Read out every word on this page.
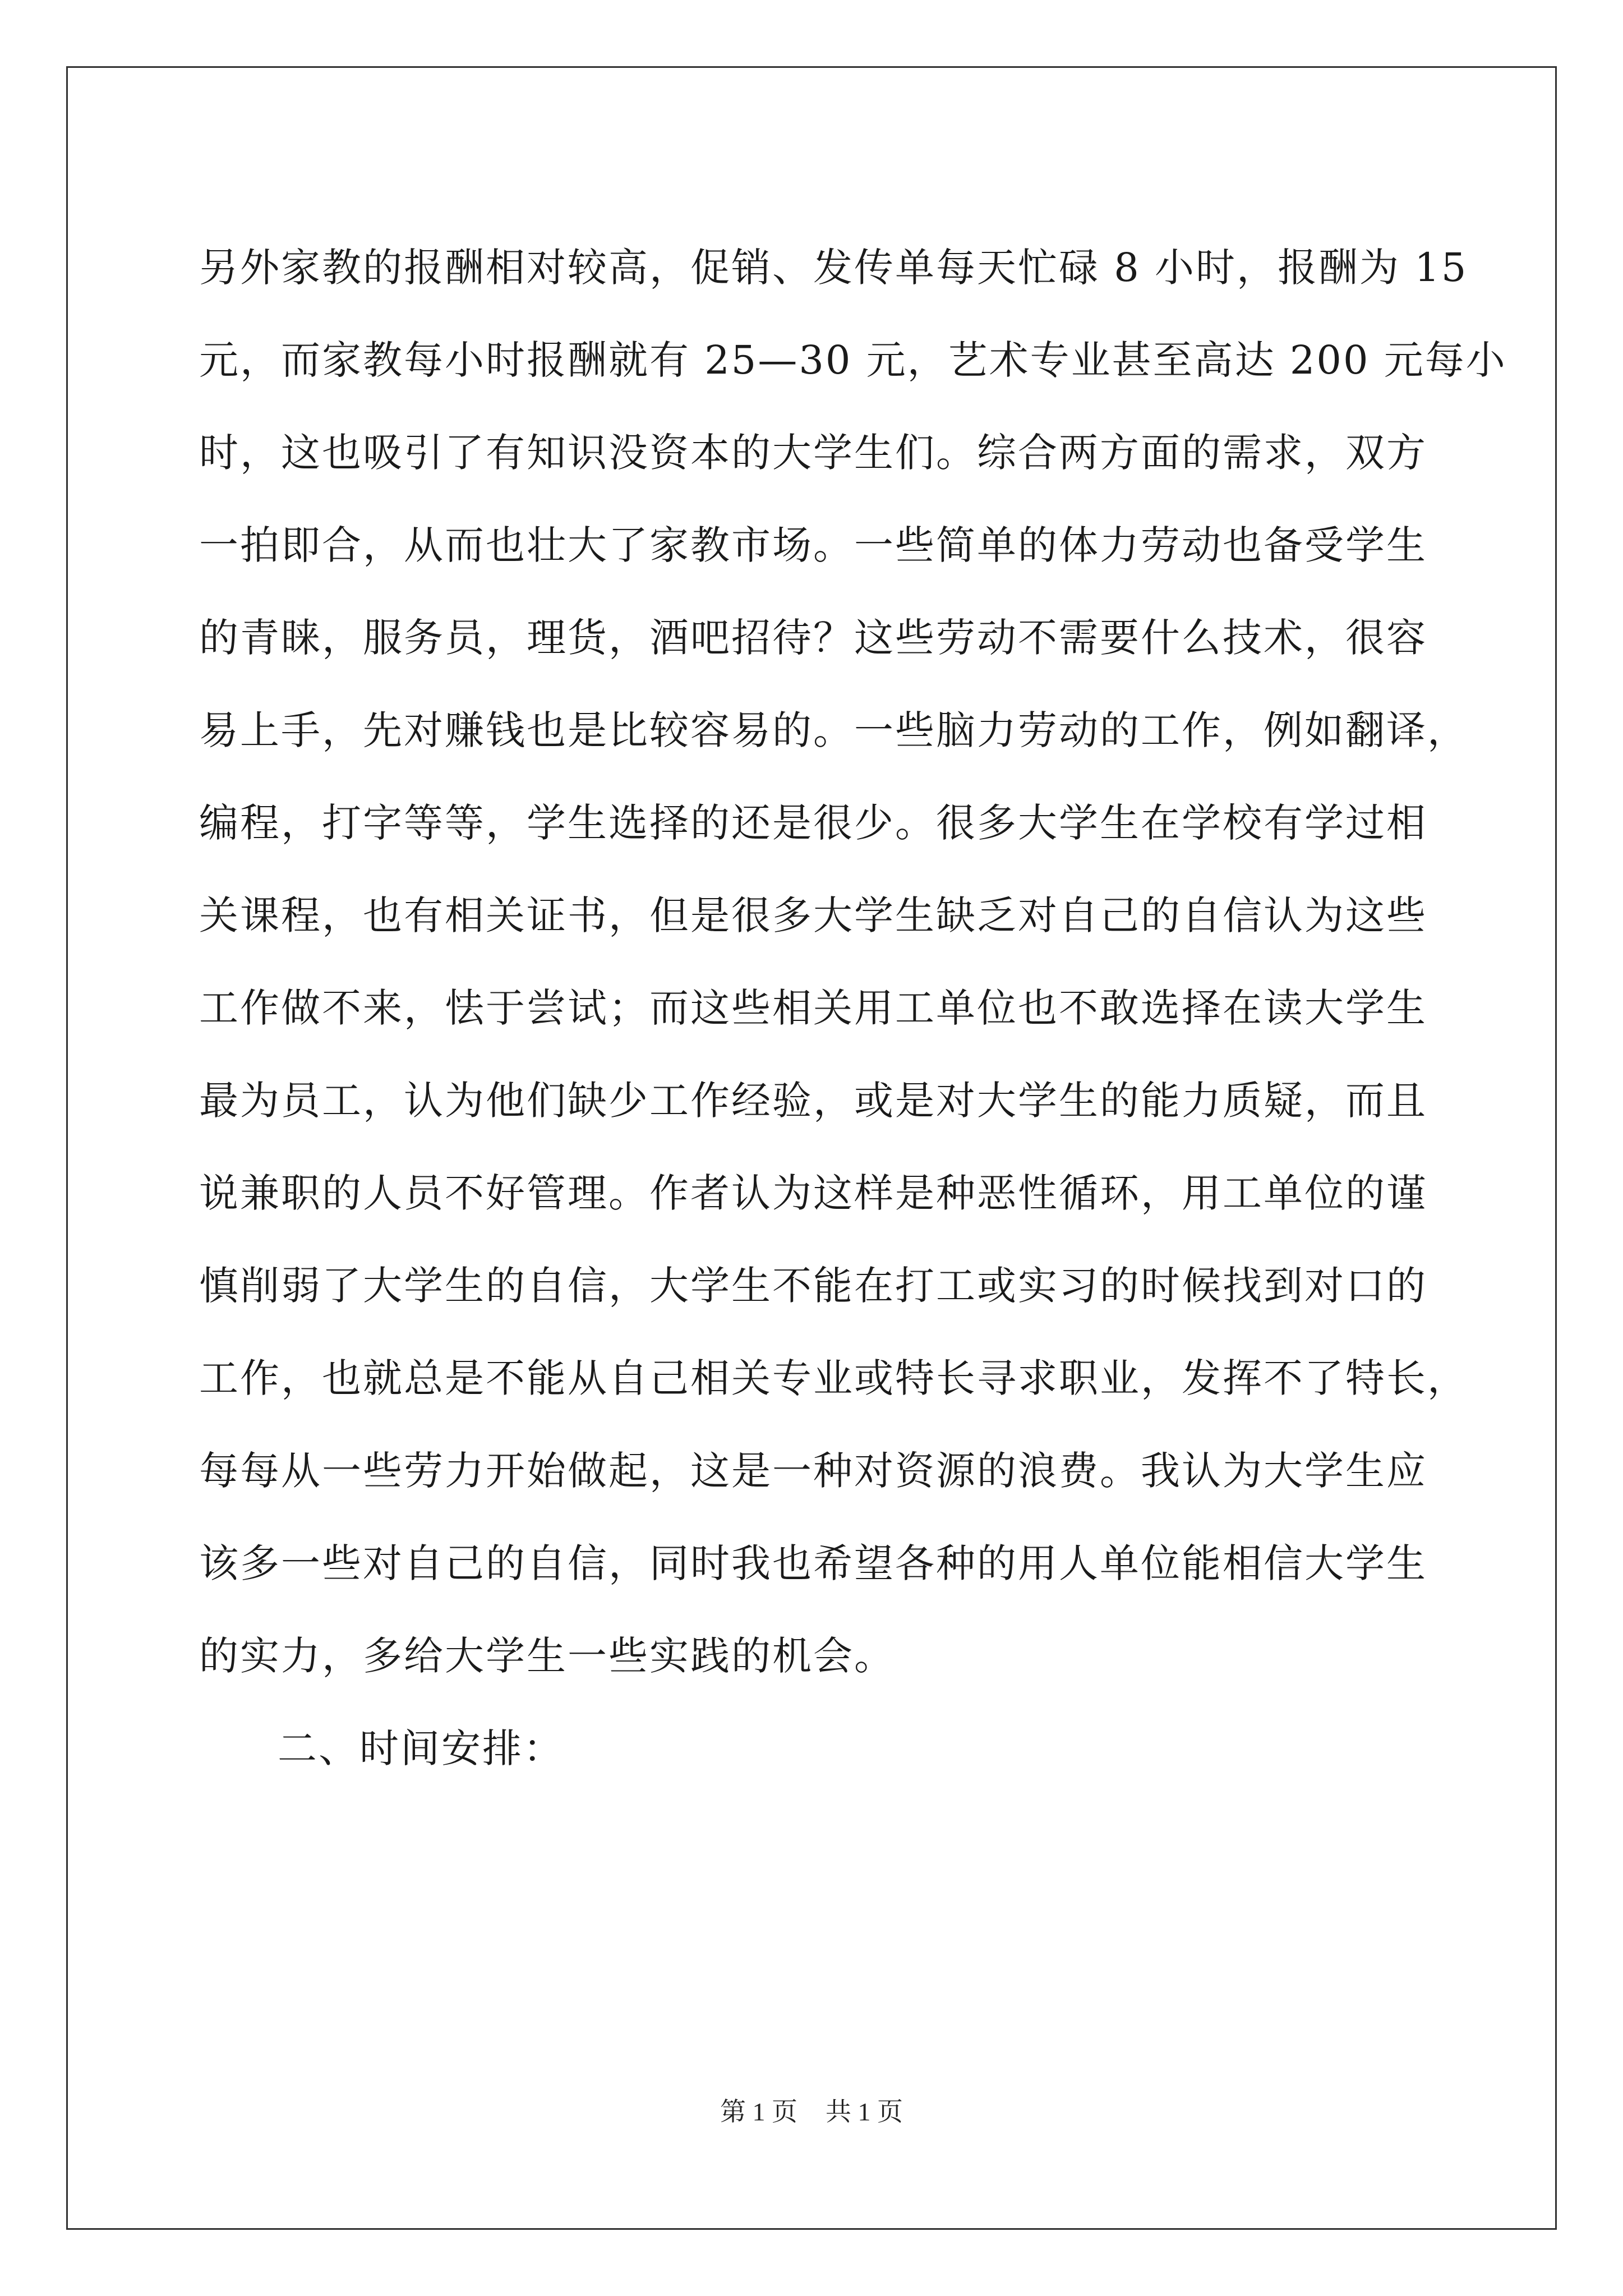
另外家教的报酬相对较高，促销、发传单每天忙碌 8 小时，报酬为 15
元，而家教每小时报酬就有 25—30 元，艺术专业甚至高达 200 元每小
时，这也吸引了有知识没资本的大学生们。综合两方面的需求，双方
一拍即合，从而也壮大了家教市场。一些简单的体力劳动也备受学生
的青睐，服务员，理货，酒吧招待？这些劳动不需要什么技术，很容
易上手，先对赚钱也是比较容易的。一些脑力劳动的工作，例如翻译，
编程，打字等等，学生选择的还是很少。很多大学生在学校有学过相
关课程，也有相关证书，但是很多大学生缺乏对自己的自信认为这些
工作做不来，怯于尝试；而这些相关用工单位也不敢选择在读大学生
最为员工，认为他们缺少工作经验，或是对大学生的能力质疑，而且
说兼职的人员不好管理。作者认为这样是种恶性循环，用工单位的谨
慎削弱了大学生的自信，大学生不能在打工或实习的时候找到对口的
工作，也就总是不能从自己相关专业或特长寻求职业，发挥不了特长，
每每从一些劳力开始做起，这是一种对资源的浪费。我认为大学生应
该多一些对自己的自信，同时我也希望各种的用人单位能相信大学生
的实力，多给大学生一些实践的机会。
二、时间安排：
第 1 页 共 1 页
